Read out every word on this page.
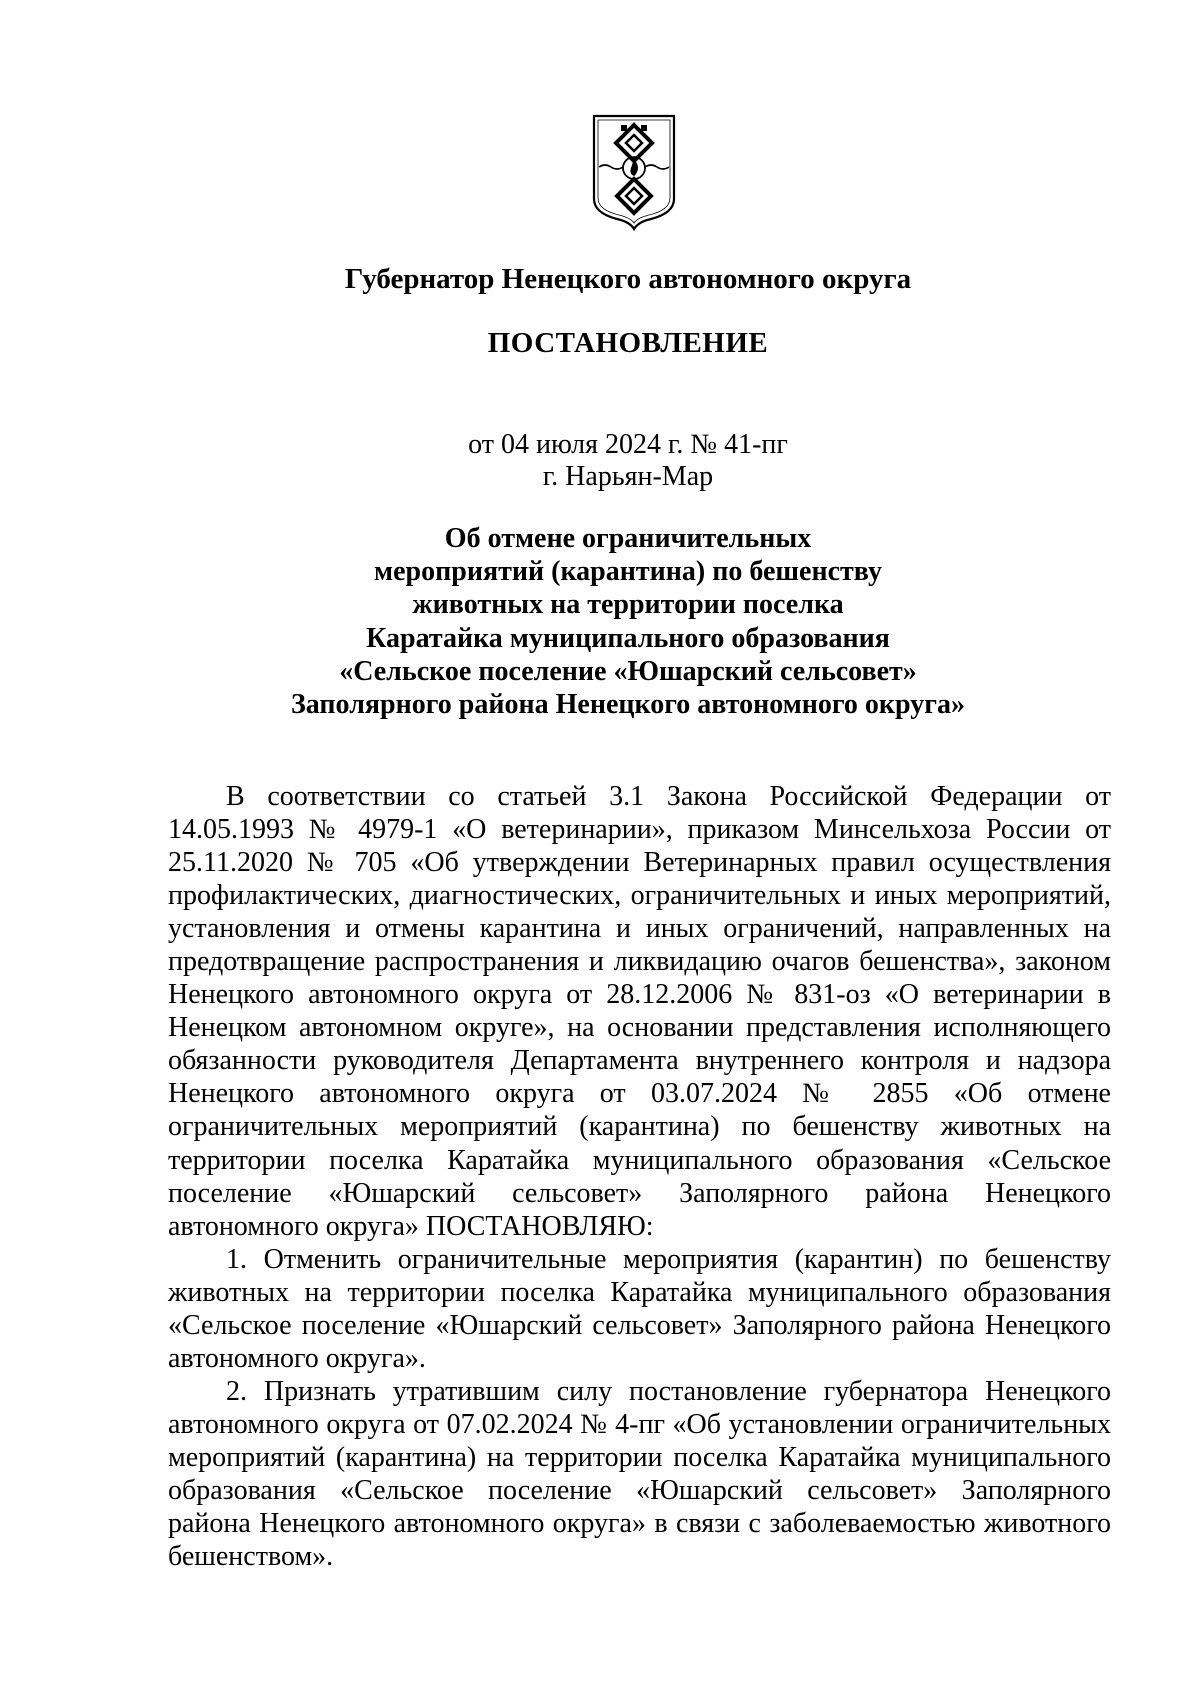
Губернатор Ненецкого автономного округа
ПОСТАНОВЛЕНИЕ
от 04 июля 2024 г. № 41-пг
г. Нарьян-Мар
Об отмене ограничительных
мероприятий (карантина) по бешенству
животных на территории поселка
Каратайка муниципального образования
«Сельское поселение «Юшарский сельсовет»
Заполярного района Ненецкого автономного округа»

В соответствии со статьей 3.1 Закона Российской Федерации от 14.05.1993 № 4979-1 «О ветеринарии», приказом Минсельхоза России от 25.11.2020 № 705 «Об утверждении Ветеринарных правил осуществления профилактических, диагностических, ограничительных и иных мероприятий, установления и отмены карантина и иных ограничений, направленных на предотвращение распространения и ликвидацию очагов бешенства», законом Ненецкого автономного округа от 28.12.2006 № 831-оз «О ветеринарии в Ненецком автономном округе», на основании представления исполняющего обязанности руководителя Департамента внутреннего контроля и надзора Ненецкого автономного округа от 03.07.2024 № 2855 «Об отмене ограничительных мероприятий (карантина) по бешенству животных на территории поселка Каратайка муниципального образования «Сельское поселение «Юшарский сельсовет» Заполярного района Ненецкого автономного округа» ПОСТАНОВЛЯЮ:

1. Отменить ограничительные мероприятия (карантин) по бешенству животных на территории поселка Каратайка муниципального образования «Сельское поселение «Юшарский сельсовет» Заполярного района Ненецкого автономного округа».

2. Признать утратившим силу постановление губернатора Ненецкого автономного округа от 07.02.2024 № 4-пг «Об установлении ограничительных мероприятий (карантина) на территории поселка Каратайка муниципального образования «Сельское поселение «Юшарский сельсовет» Заполярного района Ненецкого автономного округа» в связи с заболеваемостью животного бешенством».
